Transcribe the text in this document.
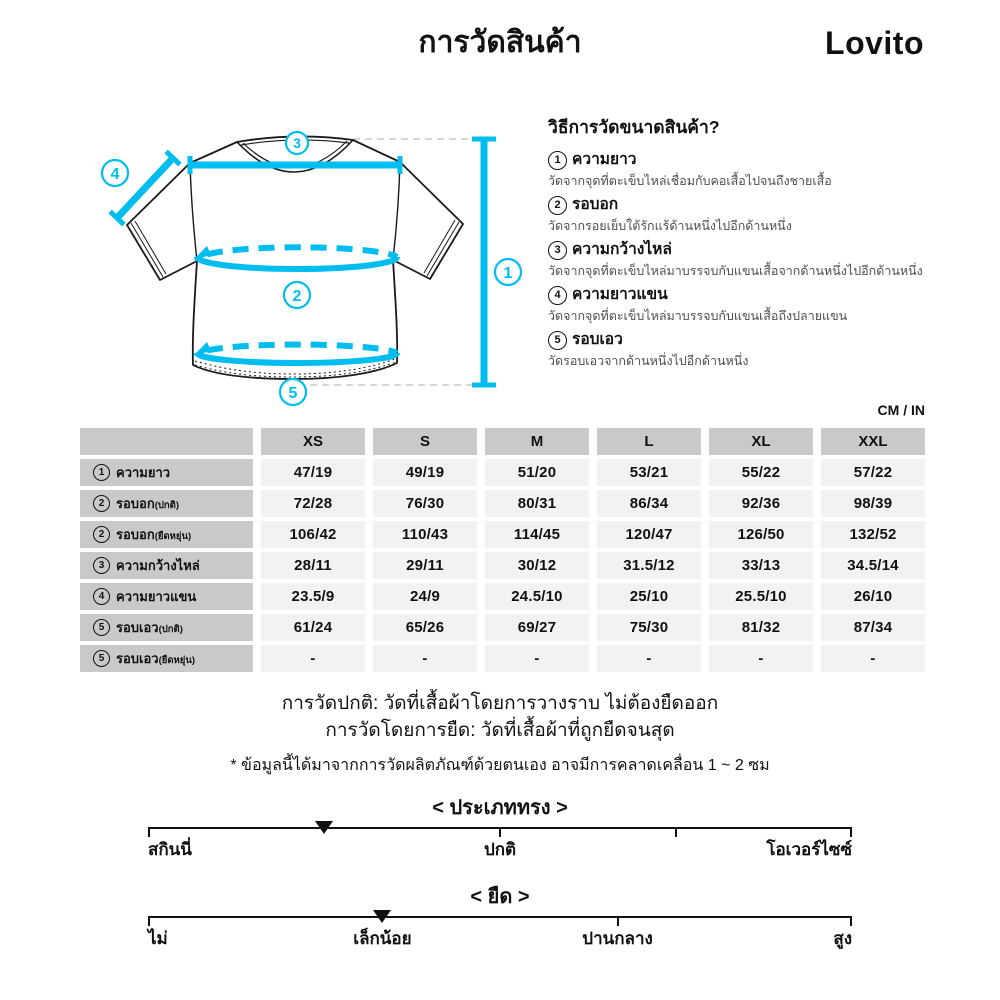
การวัดสินค้า	Lovito
3
4
2
5
1
วิธีการวัดขนาดสินค้า?
1 ความยาว
วัดจากจุดที่ตะเข็บไหล่เชื่อมกับคอเสื้อไปจนถึงชายเสื้อ
2 รอบอก
วัดจากรอยเย็บใต้รักแร้ด้านหนึ่งไปอีกด้านหนึ่ง
3 ความกว้างไหล่
วัดจากจุดที่ตะเข็บไหล่มาบรรจบกับแขนเสื้อจากด้านหนึ่งไปอีกด้านหนึ่ง
4 ความยาวแขน
วัดจากจุดที่ตะเข็บไหล่มาบรรจบกับแขนเสื้อถึงปลายแขน
5 รอบเอว
วัดรอบเอวจากด้านหนึ่งไปอีกด้านหนึ่ง
CM / IN
XS	S	M	L	XL	XXL
1 ความยาว	47/19	49/19	51/20	53/21	55/22	57/22
2 รอบอก(ปกติ)	72/28	76/30	80/31	86/34	92/36	98/39
2 รอบอก(ยืดหยุ่น)	106/42	110/43	114/45	120/47	126/50	132/52
3 ความกว้างไหล่	28/11	29/11	30/12	31.5/12	33/13	34.5/14
4 ความยาวแขน	23.5/9	24/9	24.5/10	25/10	25.5/10	26/10
5 รอบเอว(ปกติ)	61/24	65/26	69/27	75/30	81/32	87/34
5 รอบเอว(ยืดหยุ่น)	-	-	-	-	-	-
การวัดปกติ: วัดที่เสื้อผ้าโดยการวางราบ ไม่ต้องยืดออก
การวัดโดยการยืด: วัดที่เสื้อผ้าที่ถูกยืดจนสุด
* ข้อมูลนี้ได้มาจากการวัดผลิตภัณฑ์ด้วยตนเอง อาจมีการคลาดเคลื่อน 1 ~ 2 ซม
< ประเภททรง >
สกินนี่	ปกติ	โอเวอร์ไซซ์
< ยืด >
ไม่	เล็กน้อย	ปานกลาง	สูง
